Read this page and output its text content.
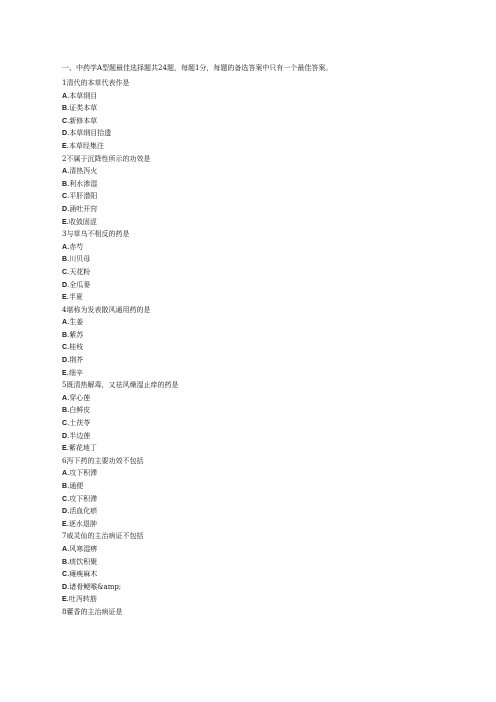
一、中药学A型题最佳选择题共24题，每题1分，每题的备选答案中只有一个最佳答案。
1清代的本草代表作是
A.本草纲目
B.证类本草
C.新修本草
D.本草纲目拾遗
E.本草经集注
2不属于沉降性所示的功效是
A.清热泻火
B.利水渗湿
C.平肝潜阳
D.涌吐开窍
E.收敛固涩
3与草乌不相反的药是
A.赤芍
B.川贝母
C.天花粉
D.全瓜蒌
E.半夏
4堪称为发表散风通用药的是
A.生姜
B.紫苏
C.桂枝
D.荆芥
E.细辛
5既清热解毒，又祛风燥湿止痒的药是
A.穿心莲
B.白鲜皮
C.土茯苓
D.半边莲
E.紫花地丁
6泻下药的主要功效不包括
A.攻下积滞
B.通便
C.攻下积滞
D.活血化瘀
E.逐水退肿
7威灵仙的主治病证不包括
A.风寒湿痹
B.痰饮积聚
C.瘫痪麻木
D.诸骨鲠喉&amp;
E.吐泻转筋
8藿香的主治病证是
